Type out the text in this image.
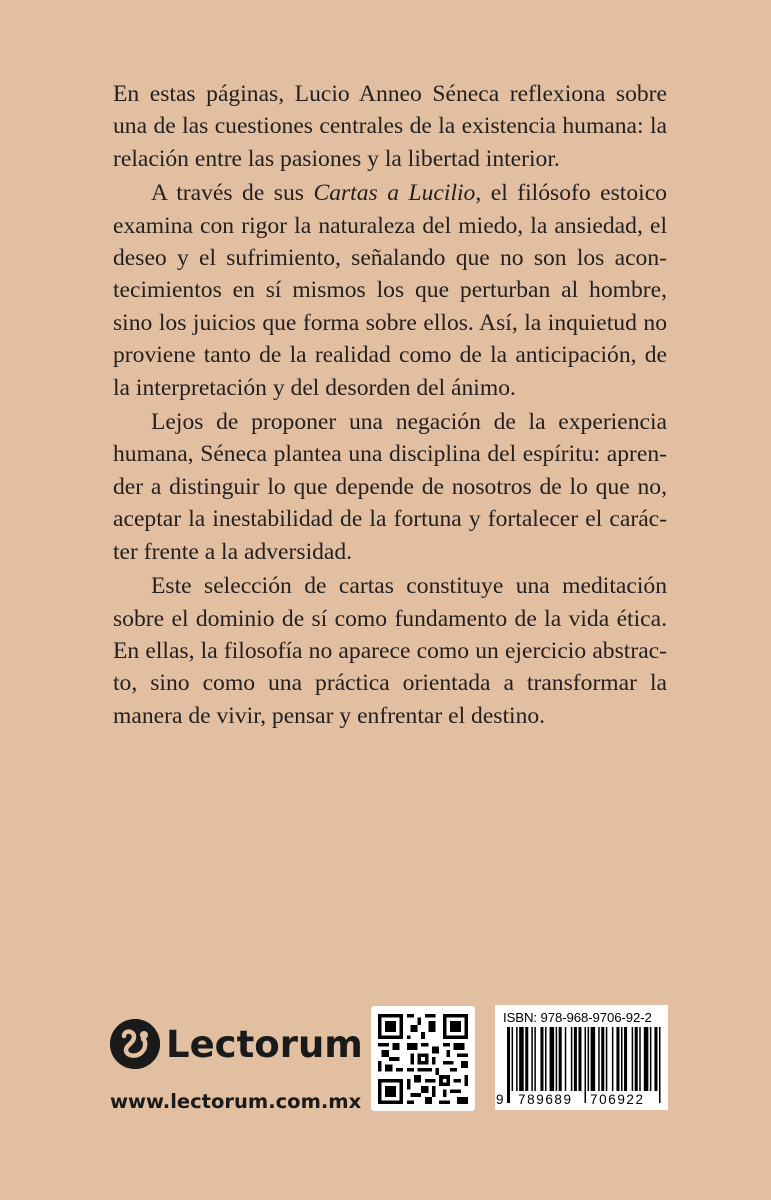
En estas páginas, Lucio Anneo Séneca reflexiona sobre una de las cuestiones centrales de la existencia humana: la relación entre las pasiones y la libertad interior.

A través de sus Cartas a Lucilio, el filósofo estoico examina con rigor la naturaleza del miedo, la ansiedad, el deseo y el sufrimiento, señalando que no son los acontecimientos en sí mismos los que perturban al hombre, sino los juicios que forma sobre ellos. Así, la inquietud no proviene tanto de la realidad como de la anticipación, de la interpretación y del desorden del ánimo.

Lejos de proponer una negación de la experiencia humana, Séneca plantea una disciplina del espíritu: aprender a distinguir lo que depende de nosotros de lo que no, aceptar la inestabilidad de la fortuna y fortalecer el carácter frente a la adversidad.

Este selección de cartas constituye una meditación sobre el dominio de sí como fundamento de la vida ética. En ellas, la filosofía no aparece como un ejercicio abstracto, sino como una práctica orientada a transformar la manera de vivir, pensar y enfrentar el destino.

Lectorum
www.lectorum.com.mx
ISBN: 978-968-9706-92-2
9 789689 706922
